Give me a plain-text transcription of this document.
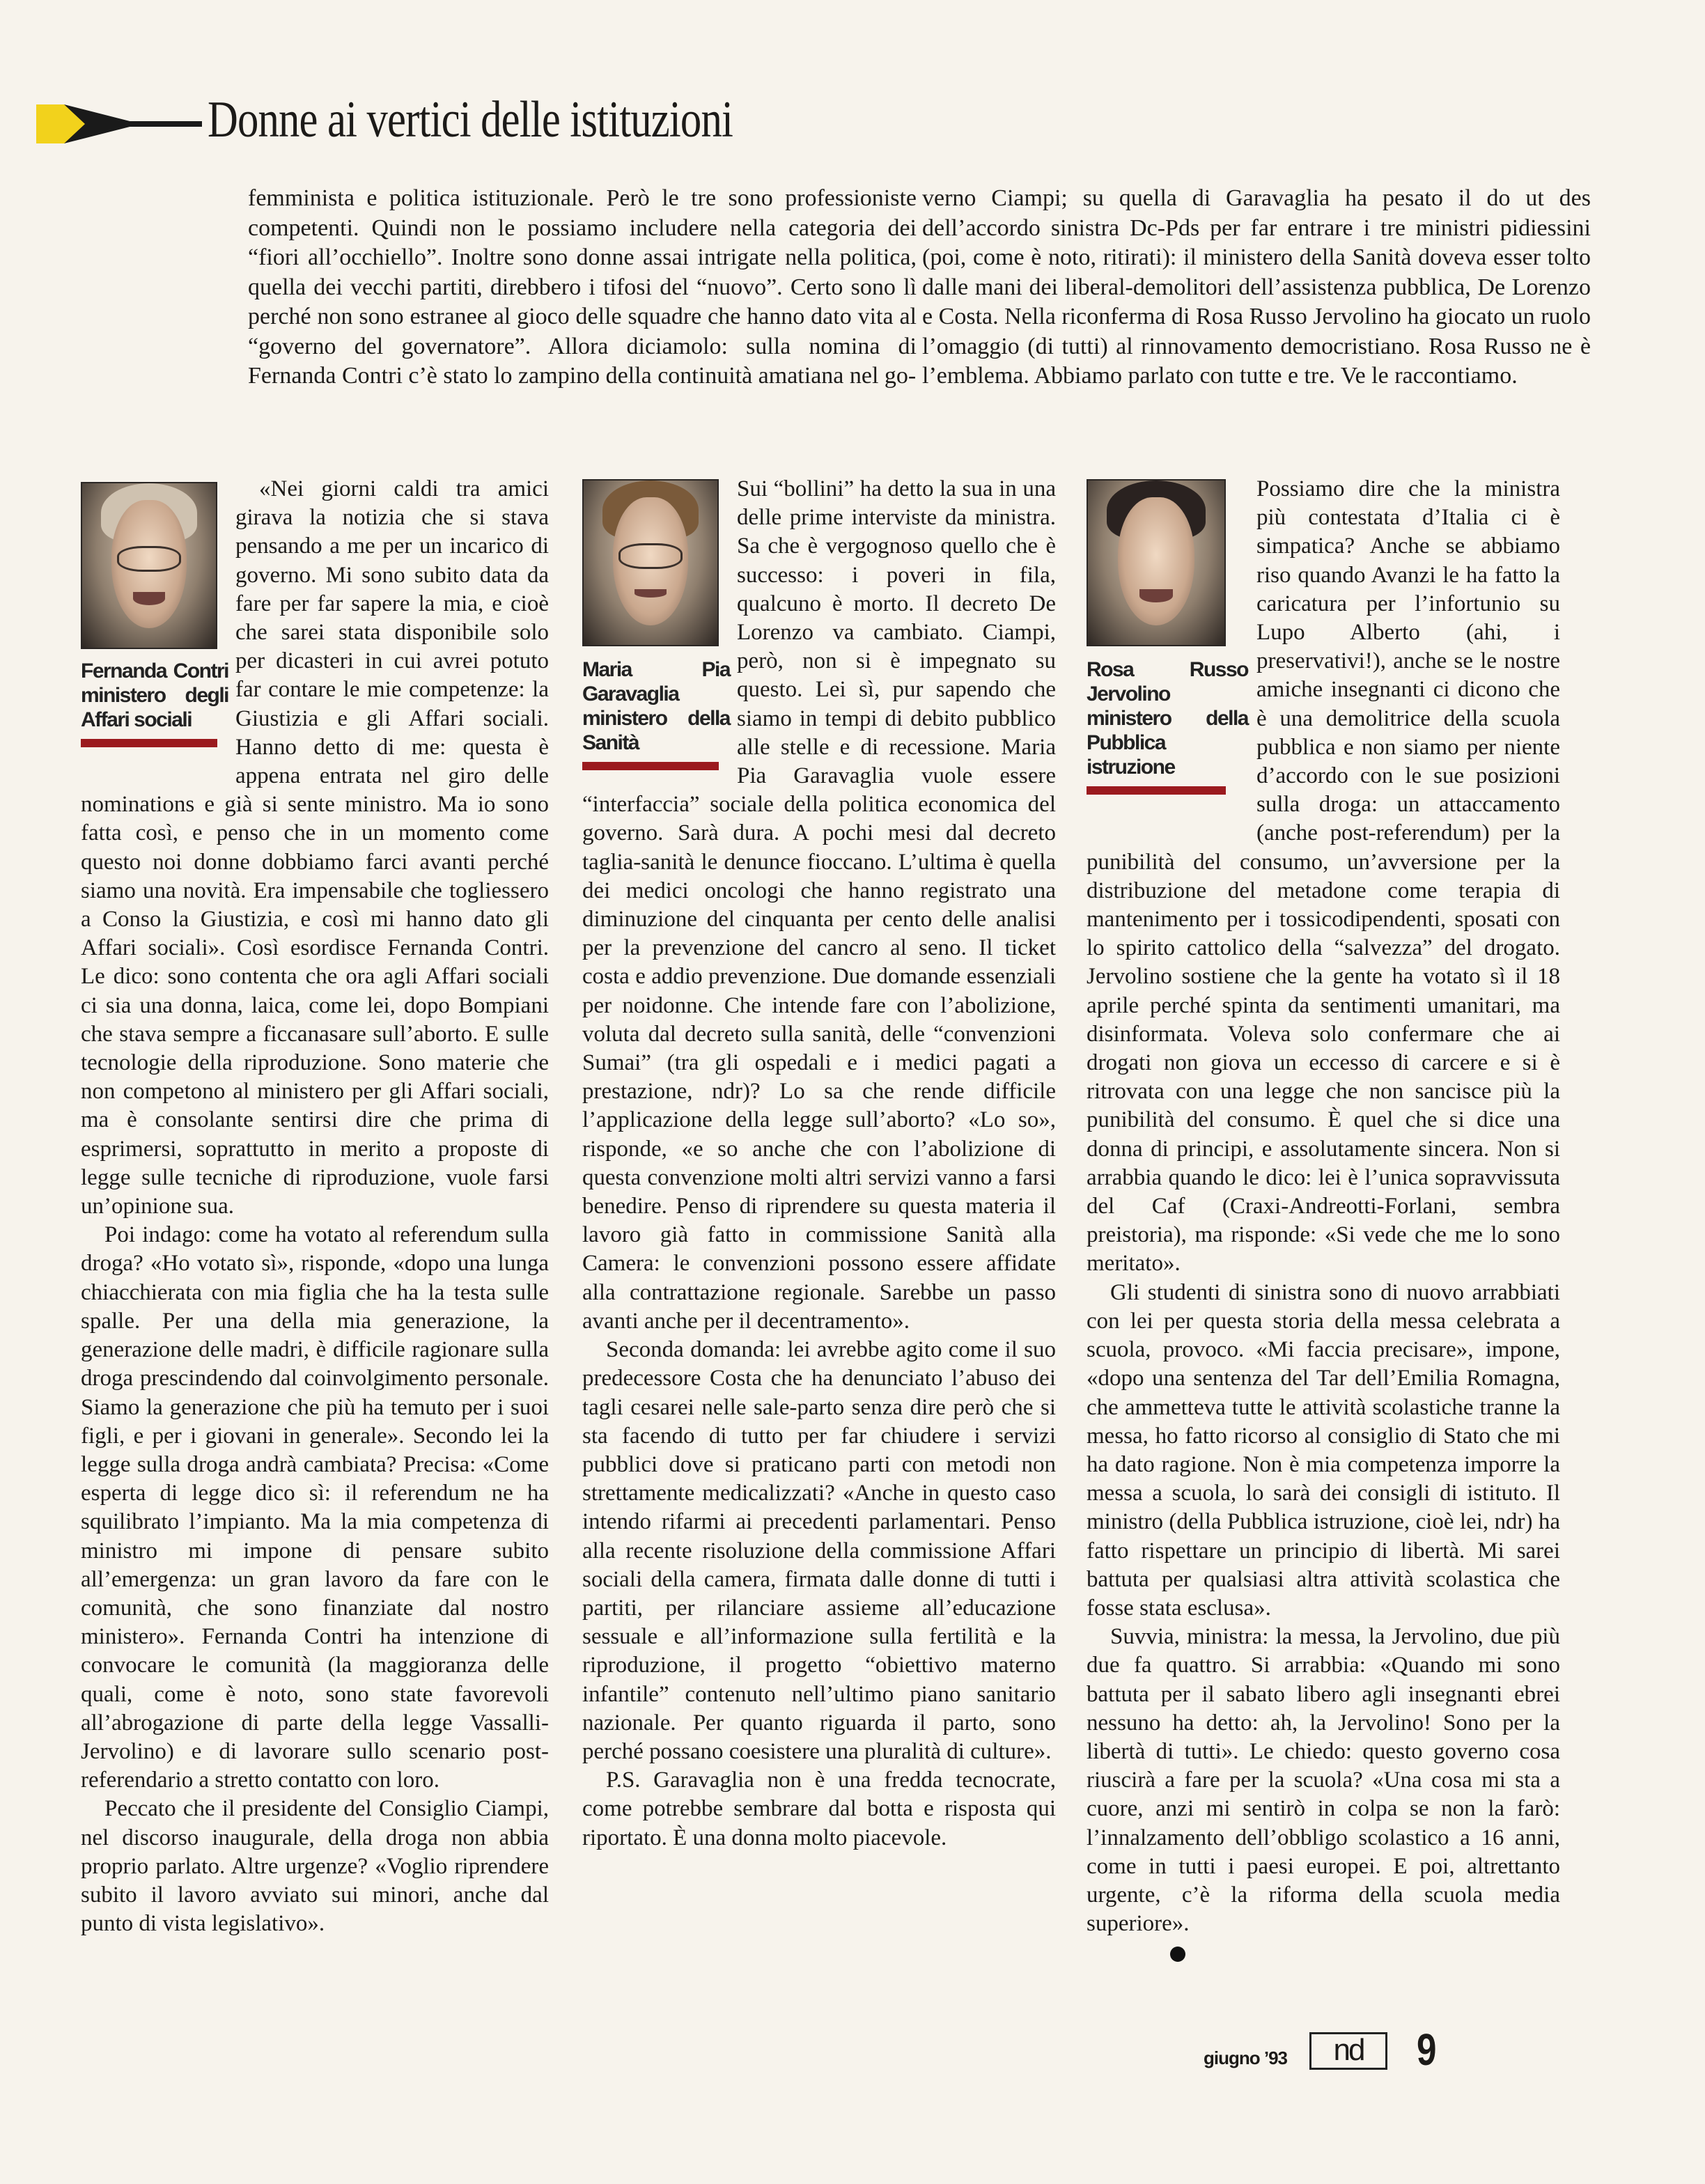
Donne ai vertici delle istituzioni

femminista e politica istituzionale. Però le tre sono professioniste competenti. Quindi non le possiamo includere nella categoria dei “fiori all’occhiello”. Inoltre sono donne assai intrigate nella politica, quella dei vecchi partiti, direbbero i tifosi del “nuovo”. Certo sono lì perché non sono estranee al gioco delle squadre che hanno dato vita al “governo del governatore”. Allora diciamolo: sulla nomina di Fernanda Contri c’è stato lo zampino della continuità amatiana nel go-

verno Ciampi; su quella di Garavaglia ha pesato il do ut des dell’accordo sinistra Dc-Pds per far entrare i tre ministri pidiessini (poi, come è noto, ritirati): il ministero della Sanità doveva esser tolto dalle mani dei liberal-demolitori dell’assistenza pubblica, De Lorenzo e Costa. Nella riconferma di Rosa Russo Jervolino ha giocato un ruolo l’omaggio (di tutti) al rinnovamento democristiano. Rosa Russo ne è l’emblema. Abbiamo parlato con tutte e tre. Ve le raccontiamo.

Fernanda Contri ministero degli Affari sociali

«Nei giorni caldi tra amici girava la notizia che si stava pensando a me per un incarico di governo. Mi sono subito data da fare per far sapere la mia, e cioè che sarei stata disponibile solo per dicasteri in cui avrei potuto far contare le mie competenze: la Giustizia e gli Affari sociali. Hanno detto di me: questa è appena entrata nel giro delle nominations e già si sente ministro. Ma io sono fatta così, e penso che in un momento come questo noi donne dobbiamo farci avanti perché siamo una novità. Era impensabile che togliessero a Conso la Giustizia, e così mi hanno dato gli Affari sociali». Così esordisce Fernanda Contri. Le dico: sono contenta che ora agli Affari sociali ci sia una donna, laica, come lei, dopo Bompiani che stava sempre a ficcanasare sull’aborto. E sulle tecnologie della riproduzione. Sono materie che non competono al ministero per gli Affari sociali, ma è consolante sentirsi dire che prima di esprimersi, soprattutto in merito a proposte di legge sulle tecniche di riproduzione, vuole farsi un’opinione sua.

Poi indago: come ha votato al referendum sulla droga? «Ho votato sì», risponde, «dopo una lunga chiacchierata con mia figlia che ha la testa sulle spalle. Per una della mia generazione, la generazione delle madri, è difficile ragionare sulla droga prescindendo dal coinvolgimento personale. Siamo la generazione che più ha temuto per i suoi figli, e per i giovani in generale». Secondo lei la legge sulla droga andrà cambiata? Precisa: «Come esperta di legge dico sì: il referendum ne ha squilibrato l’impianto. Ma la mia competenza di ministro mi impone di pensare subito all’emergenza: un gran lavoro da fare con le comunità, che sono finanziate dal nostro ministero». Fernanda Contri ha intenzione di convocare le comunità (la maggioranza delle quali, come è noto, sono state favorevoli all’abrogazione di parte della legge Vassalli-Jervolino) e di lavorare sullo scenario post-referendario a stretto contatto con loro.

Peccato che il presidente del Consiglio Ciampi, nel discorso inaugurale, della droga non abbia proprio parlato. Altre urgenze? «Voglio riprendere subito il lavoro avviato sui minori, anche dal punto di vista legislativo».

Maria Pia Garavaglia ministero della Sanità

Sui “bollini” ha detto la sua in una delle prime interviste da ministra. Sa che è vergognoso quello che è successo: i poveri in fila, qualcuno è morto. Il decreto De Lorenzo va cambiato. Ciampi, però, non si è impegnato su questo. Lei sì, pur sapendo che siamo in tempi di debito pubblico alle stelle e di recessione. Maria Pia Garavaglia vuole essere “interfaccia” sociale della politica economica del governo. Sarà dura. A pochi mesi dal decreto taglia-sanità le denunce fioccano. L’ultima è quella dei medici oncologi che hanno registrato una diminuzione del cinquanta per cento delle analisi per la prevenzione del cancro al seno. Il ticket costa e addio prevenzione. Due domande essenziali per noidonne. Che intende fare con l’abolizione, voluta dal decreto sulla sanità, delle “convenzioni Sumai” (tra gli ospedali e i medici pagati a prestazione, ndr)? Lo sa che rende difficile l’applicazione della legge sull’aborto? «Lo so», risponde, «e so anche che con l’abolizione di questa convenzione molti altri servizi vanno a farsi benedire. Penso di riprendere su questa materia il lavoro già fatto in commissione Sanità alla Camera: le convenzioni possono essere affidate alla contrattazione regionale. Sarebbe un passo avanti anche per il decentramento».

Seconda domanda: lei avrebbe agito come il suo predecessore Costa che ha denunciato l’abuso dei tagli cesarei nelle sale-parto senza dire però che si sta facendo di tutto per far chiudere i servizi pubblici dove si praticano parti con metodi non strettamente medicalizzati? «Anche in questo caso intendo rifarmi ai precedenti parlamentari. Penso alla recente risoluzione della commissione Affari sociali della camera, firmata dalle donne di tutti i partiti, per rilanciare assieme all’educazione sessuale e all’informazione sulla fertilità e la riproduzione, il progetto “obiettivo materno infantile” contenuto nell’ultimo piano sanitario nazionale. Per quanto riguarda il parto, sono perché possano coesistere una pluralità di culture».

P.S. Garavaglia non è una fredda tecnocrate, come potrebbe sembrare dal botta e risposta qui riportato. È una donna molto piacevole.

Rosa Russo Jervolino ministero della Pubblica istruzione

Possiamo dire che la ministra più contestata d’Italia ci è simpatica? Anche se abbiamo riso quando Avanzi le ha fatto la caricatura per l’infortunio su Lupo Alberto (ahi, i preservativi!), anche se le nostre amiche insegnanti ci dicono che è una demolitrice della scuola pubblica e non siamo per niente d’accordo con le sue posizioni sulla droga: un attaccamento (anche post-referendum) per la punibilità del consumo, un’avversione per la distribuzione del metadone come terapia di mantenimento per i tossicodipendenti, sposati con lo spirito cattolico della “salvezza” del drogato. Jervolino sostiene che la gente ha votato sì il 18 aprile perché spinta da sentimenti umanitari, ma disinformata. Voleva solo confermare che ai drogati non giova un eccesso di carcere e si è ritrovata con una legge che non sancisce più la punibilità del consumo. È quel che si dice una donna di principi, e assolutamente sincera. Non si arrabbia quando le dico: lei è l’unica sopravvissuta del Caf (Craxi-Andreotti-Forlani, sembra preistoria), ma risponde: «Si vede che me lo sono meritato».

Gli studenti di sinistra sono di nuovo arrabbiati con lei per questa storia della messa celebrata a scuola, provoco. «Mi faccia precisare», impone, «dopo una sentenza del Tar dell’Emilia Romagna, che ammetteva tutte le attività scolastiche tranne la messa, ho fatto ricorso al consiglio di Stato che mi ha dato ragione. Non è mia competenza imporre la messa a scuola, lo sarà dei consigli di istituto. Il ministro (della Pubblica istruzione, cioè lei, ndr) ha fatto rispettare un principio di libertà. Mi sarei battuta per qualsiasi altra attività scolastica che fosse stata esclusa».

Suvvia, ministra: la messa, la Jervolino, due più due fa quattro. Si arrabbia: «Quando mi sono battuta per il sabato libero agli insegnanti ebrei nessuno ha detto: ah, la Jervolino! Sono per la libertà di tutti». Le chiedo: questo governo cosa riuscirà a fare per la scuola? «Una cosa mi sta a cuore, anzi mi sentirò in colpa se non la farò: l’innalzamento dell’obbligo scolastico a 16 anni, come in tutti i paesi europei. E poi, altrettanto urgente, c’è la riforma della scuola media superiore».

giugno ’93	nd	9
